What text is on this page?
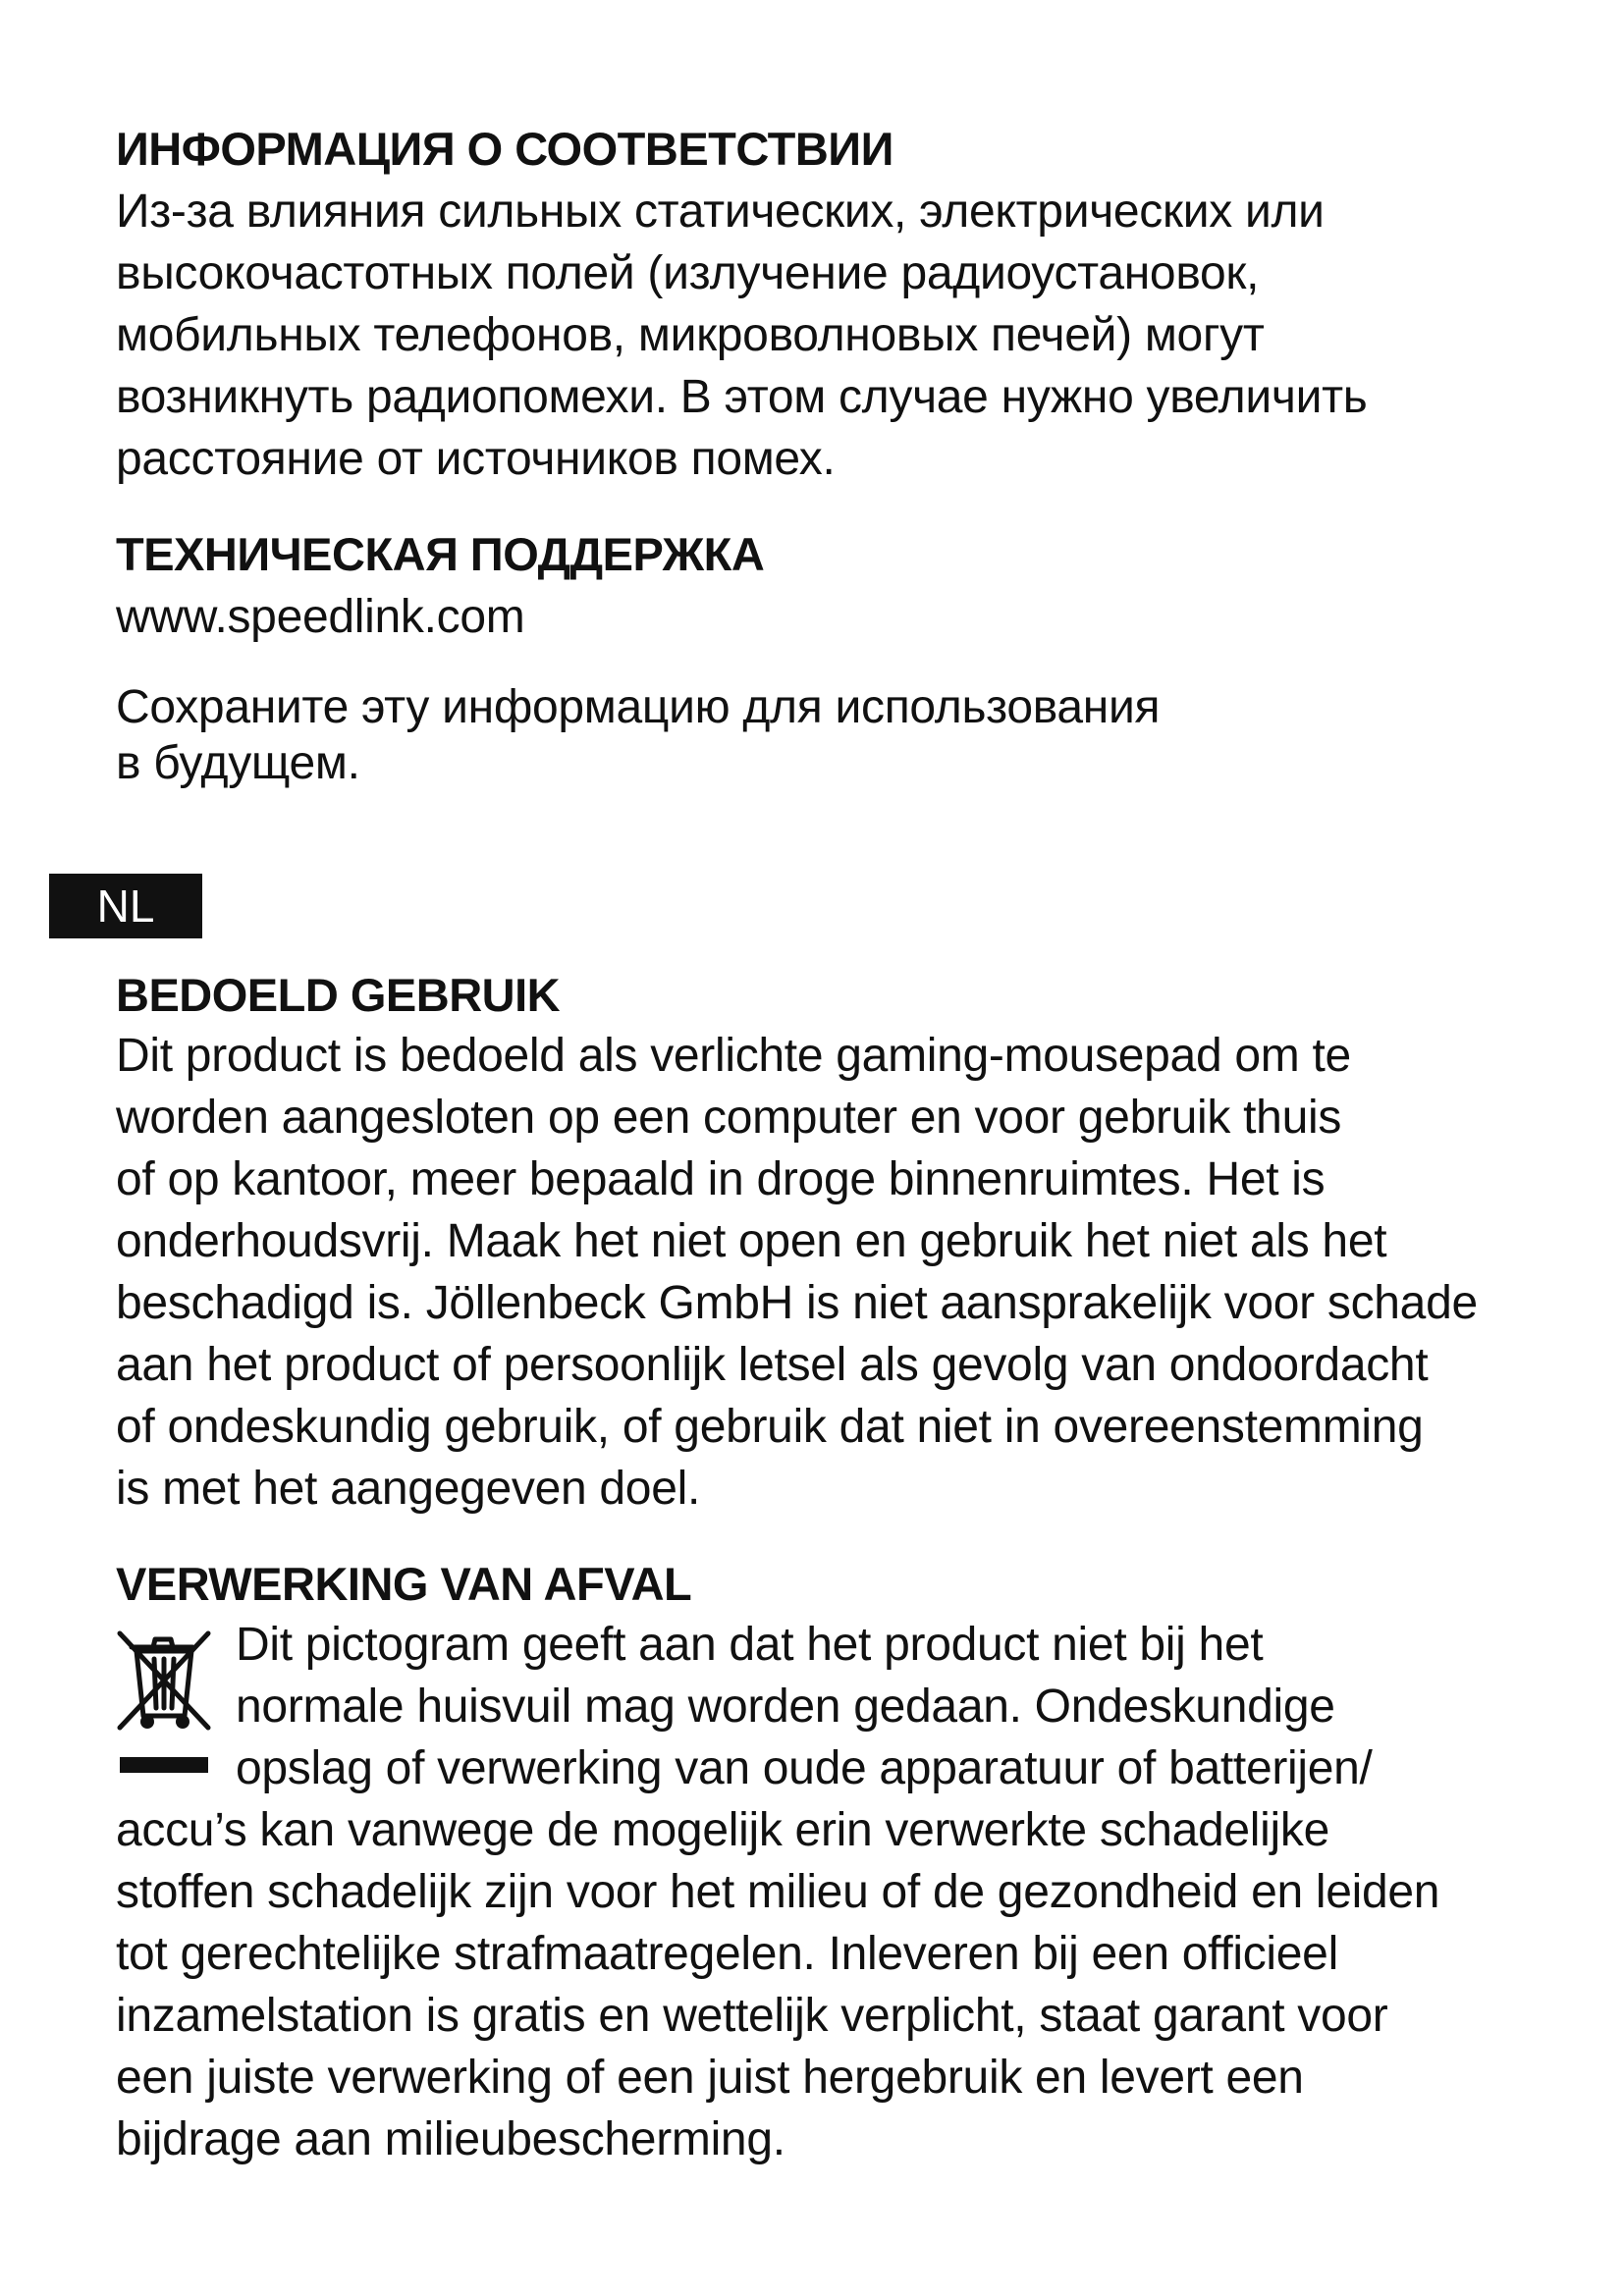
ИНФОРМАЦИЯ О СООТВЕТСТВИИ

Из-за влияния сильных статических, электрических или
высокочастотных полей (излучение радиоустановок,
мобильных телефонов, микроволновых печей) могут
возникнуть радиопомехи. В этом случае нужно увеличить
расстояние от источников помех.

ТЕХНИЧЕСКАЯ ПОДДЕРЖКА

www.speedlink.com

Сохраните эту информацию для использования
в будущем.

NL
BEDOELD GEBRUIK

Dit product is bedoeld als verlichte gaming-mousepad om te
worden aangesloten op een computer en voor gebruik thuis
of op kantoor, meer bepaald in droge binnenruimtes. Het is
onderhoudsvrij. Maak het niet open en gebruik het niet als het
beschadigd is. Jöllenbeck GmbH is niet aansprakelijk voor schade
aan het product of persoonlijk letsel als gevolg van ondoordacht
of ondeskundig gebruik, of gebruik dat niet in overeenstemming
is met het aangegeven doel.

VERWERKING VAN AFVAL

Dit pictogram geeft aan dat het product niet bij het
normale huisvuil mag worden gedaan. Ondeskundige
opslag of verwerking van oude apparatuur of batterijen/

accu’s kan vanwege de mogelijk erin verwerkte schadelijke
stoffen schadelijk zijn voor het milieu of de gezondheid en leiden
tot gerechtelijke strafmaatregelen. Inleveren bij een officieel
inzamelstation is gratis en wettelijk verplicht, staat garant voor
een juiste verwerking of een juist hergebruik en levert een
bijdrage aan milieubescherming.
